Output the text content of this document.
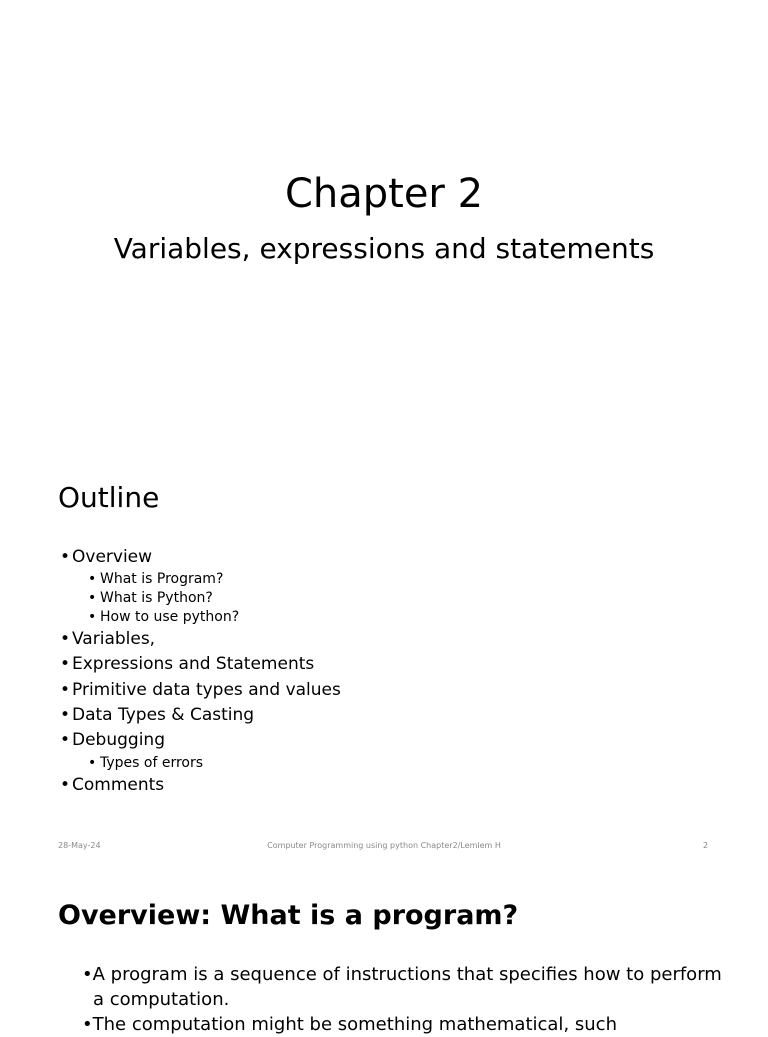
Chapter 2
Variables, expressions and statements
Outline
• Overview
• What is Program?
• What is Python?
• How to use python?
• Variables,
• Expressions and Statements
• Primitive data types and values
• Data Types & Casting
• Debugging
• Types of errors
• Comments
28-May-24	Computer Programming using python Chapter2/Lemlem H	2
Overview: What is a program?
•A program is a sequence of instructions that specifies how to perform a computation.
•The computation might be something mathematical, such
